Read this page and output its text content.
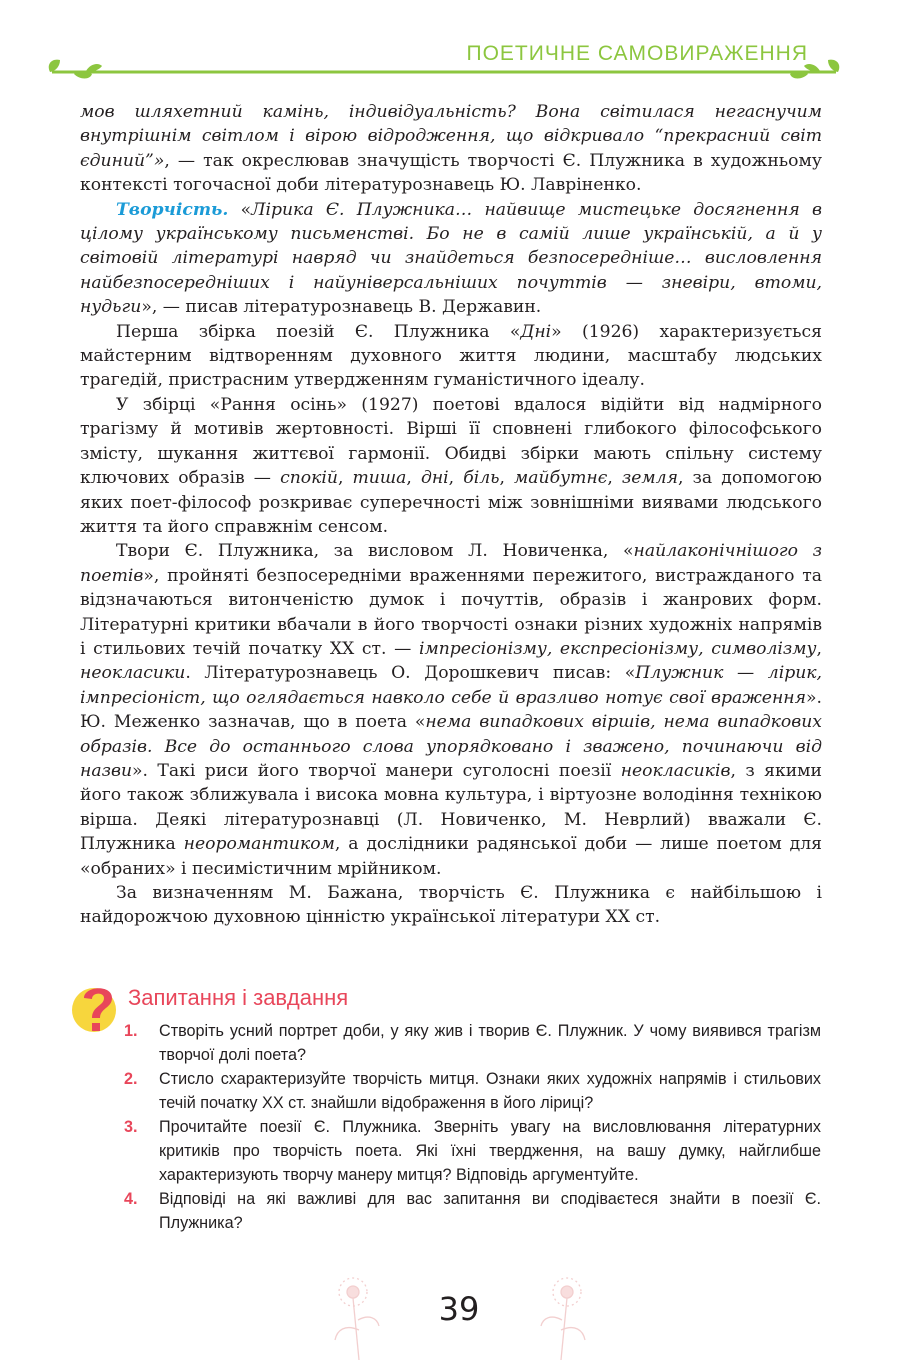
ПОЕТИЧНЕ САМОВИРАЖЕННЯ

мов шляхетний камінь, індивідуальність? Вона світилася негаснучим внутрішнім світлом і вірою відродження, що відкривало “прекрасний світ єдиний”», — так окреслював значущість творчості Є. Плужника в художньому контексті тогочасної доби літературознавець Ю. Лавріненко.

Творчість. «Лірика Є. Плужника… найвище мистецьке досягнення в цілому українському письменстві. Бо не в самій лише українській, а й у світовій літературі навряд чи знайдеться безпосередніше… висловлення найбезпосередніших і найуніверсальніших почуттів — зневіри, втоми, нудьги», — писав літературознавець В. Державин.

Перша збірка поезій Є. Плужника «Дні» (1926) характеризується майстерним відтворенням духовного життя людини, масштабу людських трагедій, пристрасним утвердженням гуманістичного ідеалу.

У збірці «Рання осінь» (1927) поетові вдалося відійти від надмірного трагізму й мотивів жертовності. Вірші її сповнені глибокого філософського змісту, шукання життєвої гармонії. Обидві збірки мають спільну систему ключових образів — спокій, тиша, дні, біль, майбутнє, земля, за допомогою яких поет-філософ розкриває суперечності між зовнішніми виявами людського життя та його справжнім сенсом.

Твори Є. Плужника, за висловом Л. Новиченка, «найлаконічнішого з поетів», пройняті безпосередніми враженнями пережитого, вистражданого та відзначаються витонченістю думок і почуттів, образів і жанрових форм. Літературні критики вбачали в його творчості ознаки різних художніх напрямів і стильових течій початку XX ст. — імпресіонізму, експресіонізму, символізму, неокласики. Літературознавець О. Дорошкевич писав: «Плужник — лірик, імпресіоніст, що оглядається навколо себе й вразливо нотує свої враження». Ю. Меженко зазначав, що в поета «нема випадкових віршів, нема випадкових образів. Все до останнього слова упорядковано і зважено, починаючи від назви». Такі риси його творчої манери суголосні поезії неокласиків, з якими його також зближувала і висока мовна культура, і віртуозне володіння технікою вірша. Деякі літературознавці (Л. Новиченко, М. Неврлий) вважали Є. Плужника неоромантиком, а дослідники радянської доби — лише поетом для «обраних» і песимістичним мрійником.

За визначенням М. Бажана, творчість Є. Плужника є найбільшою і найдорожчою духовною цінністю української літератури XX ст.

Запитання і завдання
1. Створіть усний портрет доби, у яку жив і творив Є. Плужник. У чому виявився трагізм творчої долі поета?
2. Стисло схарактеризуйте творчість митця. Ознаки яких художніх напрямів і стильових течій початку XX ст. знайшли відображення в його ліриці?
3. Прочитайте поезії Є. Плужника. Зверніть увагу на висловлювання літературних критиків про творчість поета. Які їхні твердження, на вашу думку, найглибше характеризують творчу манеру митця? Відповідь аргументуйте.
4. Відповіді на які важливі для вас запитання ви сподіваєтеся знайти в поезії Є. Плужника?
39
